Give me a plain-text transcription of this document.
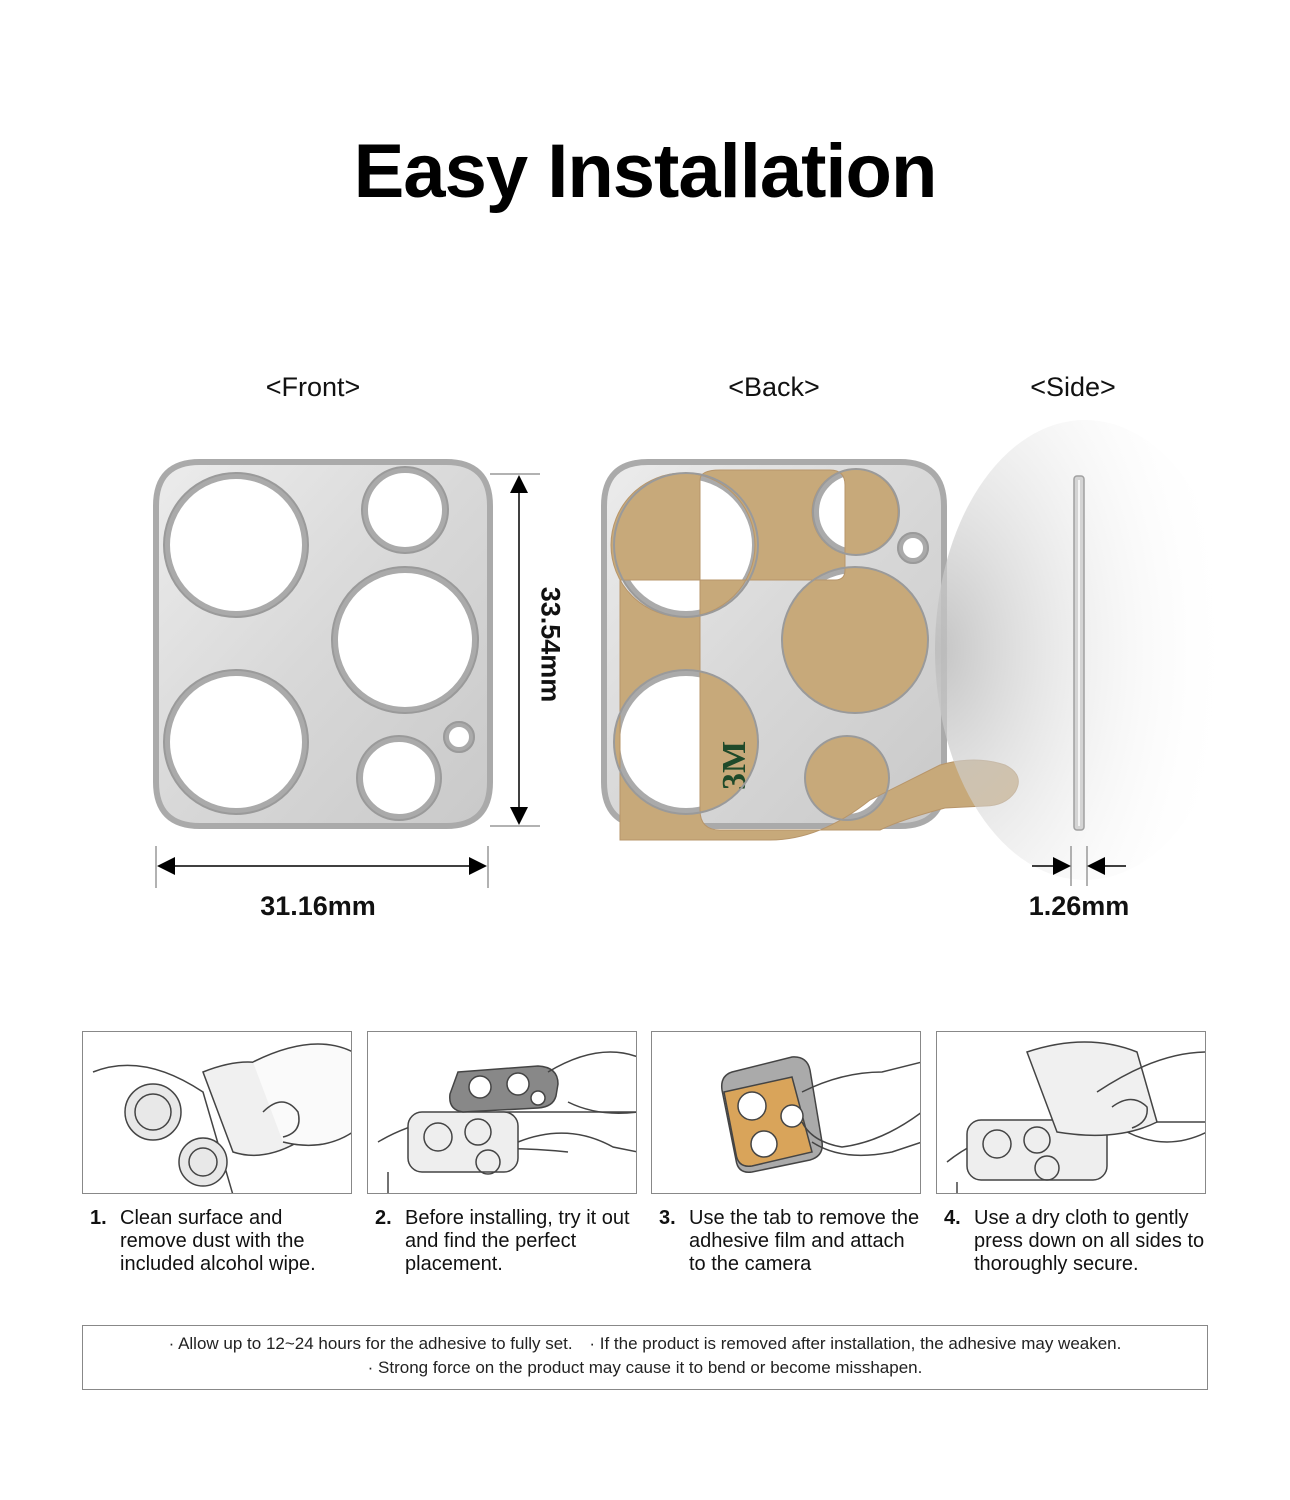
Easy Installation
<Front>	<Back>	<Side>
3M
31.16mm
33.54mm
1.26mm
1. Clean surface and remove dust with the included alcohol wipe.
2. Before installing, try it out and find the perfect placement.
3. Use the tab to remove the adhesive film and attach to the camera
4. Use a dry cloth to gently press down on all sides to thoroughly secure.
· Allow up to 12~24 hours for the adhesive to fully set. · If the product is removed after installation, the adhesive may weaken.
· Strong force on the product may cause it to bend or become misshapen.
